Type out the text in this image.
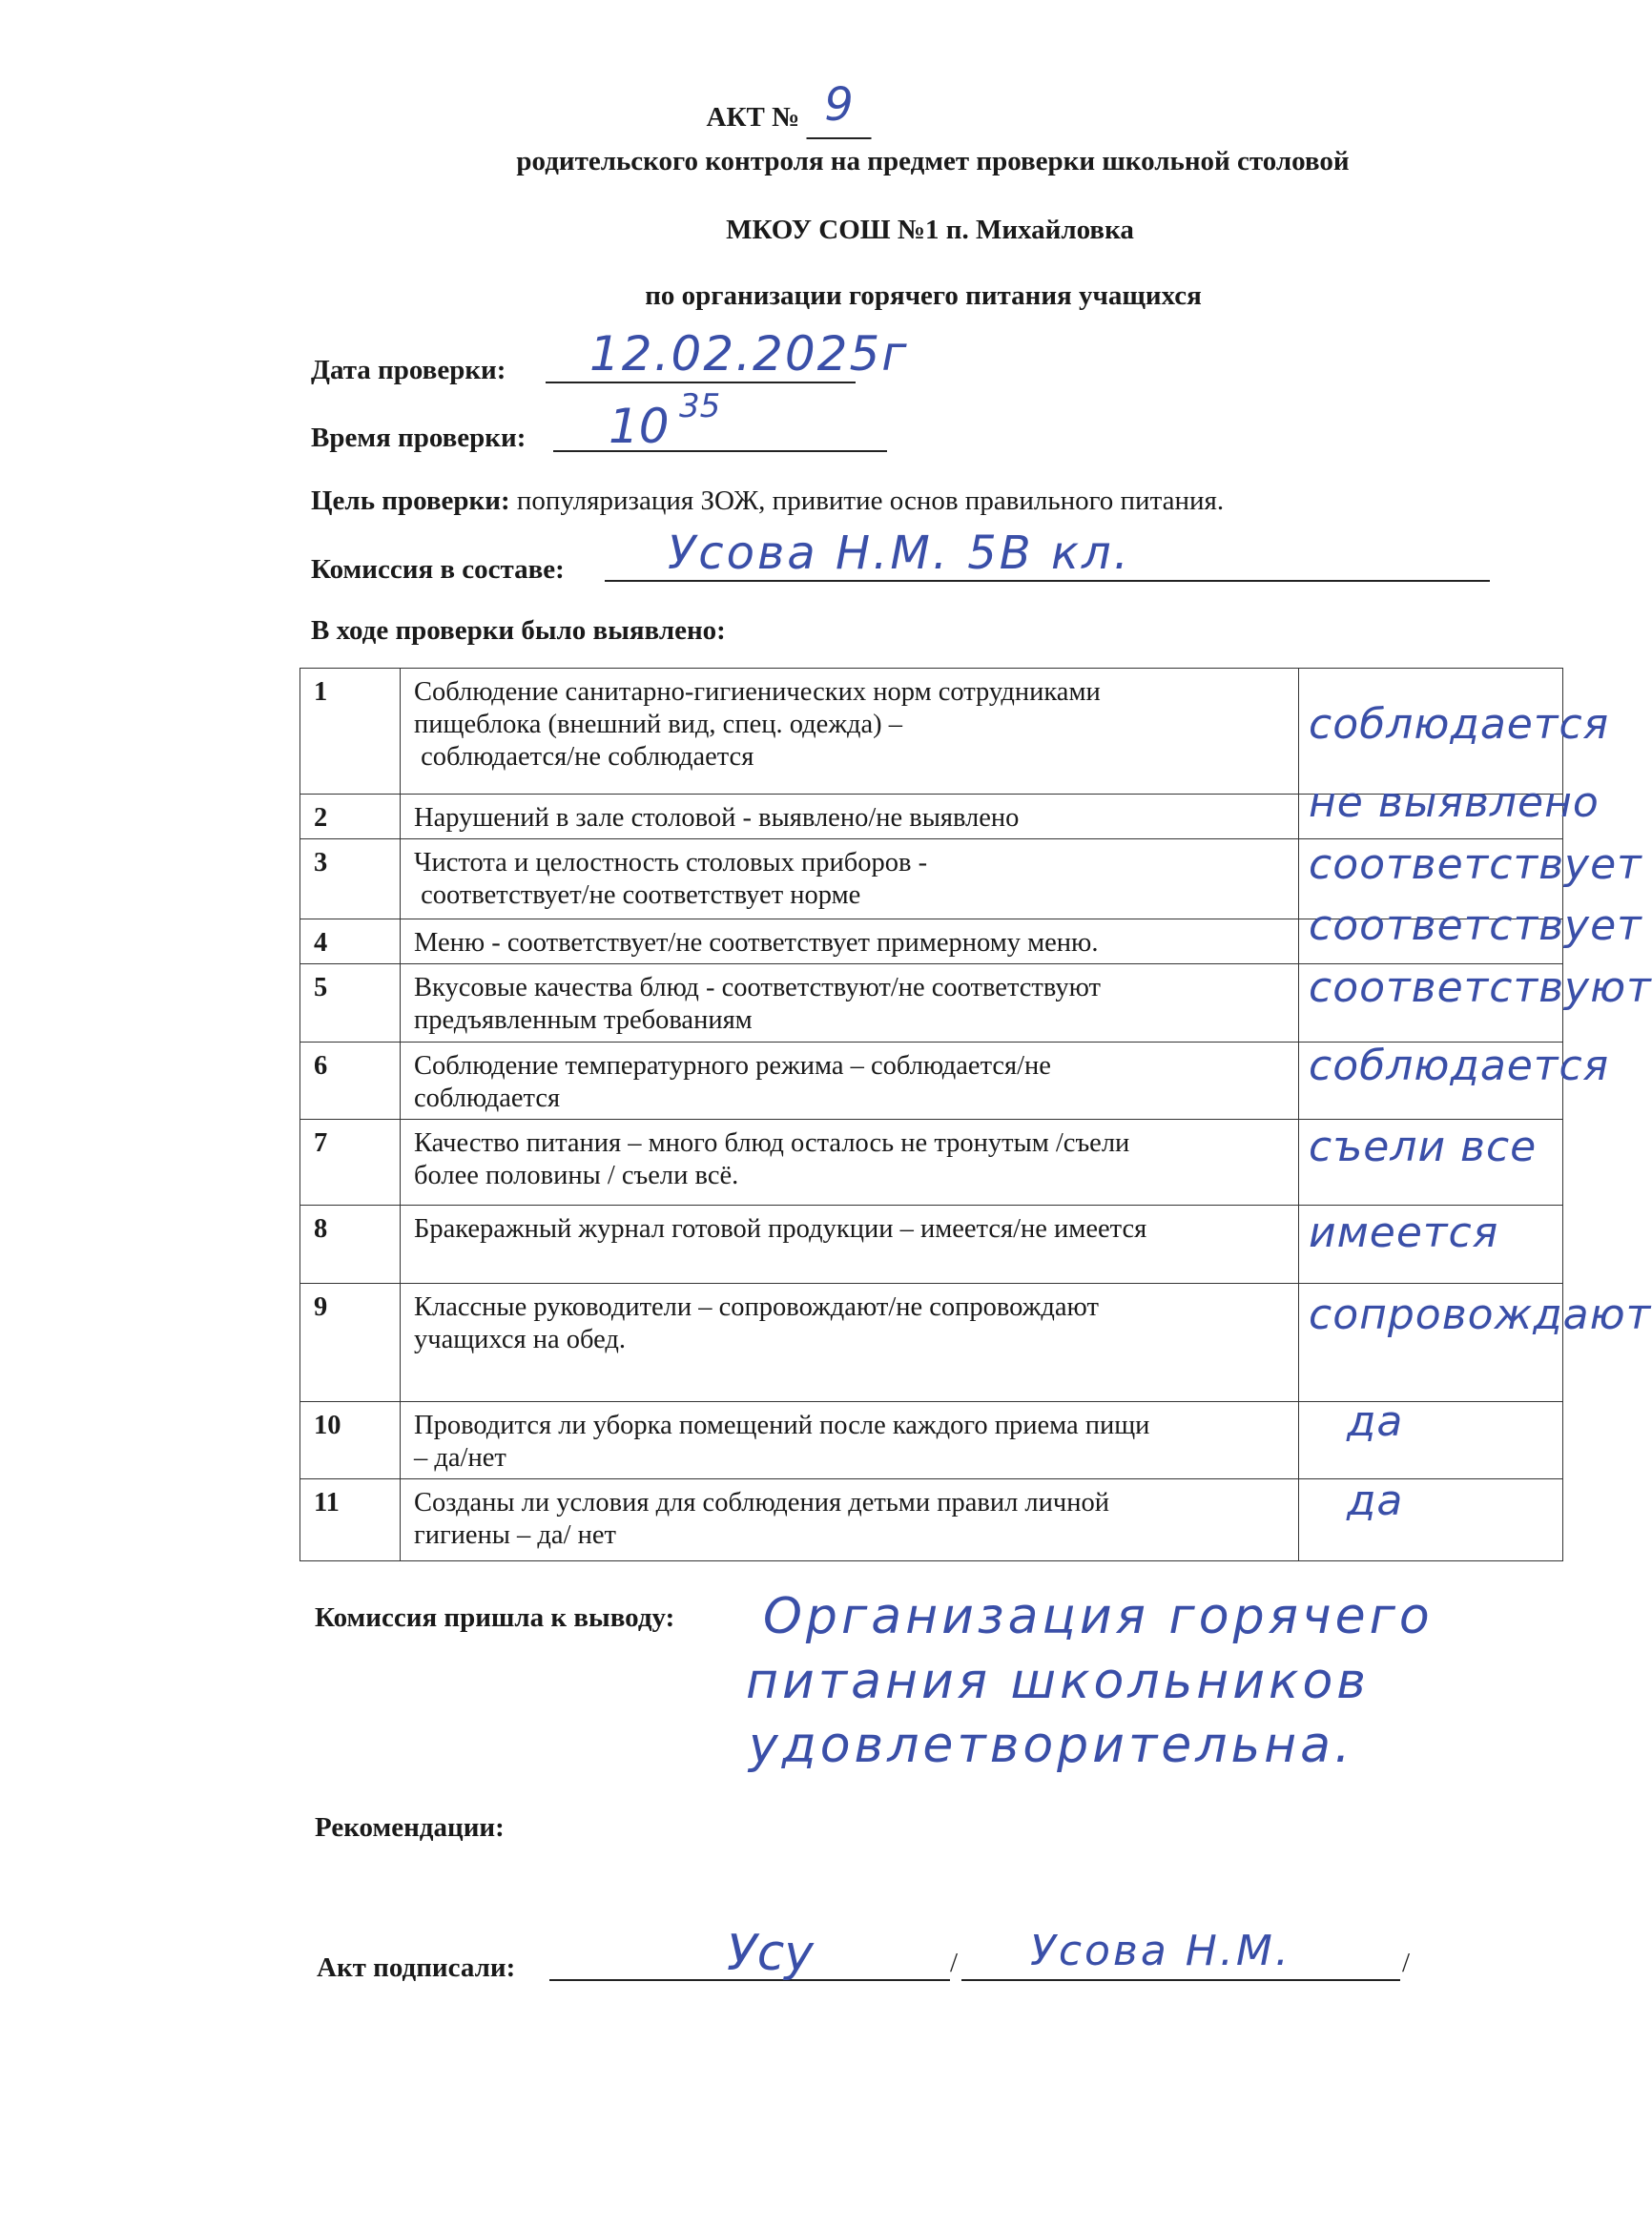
АКТ № 9
родительского контроля на предмет проверки школьной столовой
МКОУ СОШ №1 п. Михайловка
по организации горячего питания учащихся
Дата проверки: 12.02.2025г
Время проверки: 10 35
Цель проверки: популяризация ЗОЖ, привитие основ правильного питания.
Комиссия в составе: Усова Н.М. 5В кл.
В ходе проверки было выявлено:
1	Соблюдение санитарно-гигиенических норм сотрудниками
пищеблока (внешний вид, спец. одежда) –
соблюдается/не соблюдается	соблюдается

2	Нарушений в зале столовой - выявлено/не выявлено	не выявлено

3	Чистота и целостность столовых приборов -
соответствует/не соответствует норме	соответствует

4	Меню - соответствует/не соответствует примерному меню.	соответствует

5	Вкусовые качества блюд - соответствуют/не соответствуют
предъявленным требованиям	соответствуют

6	Соблюдение температурного режима – соблюдается/не
соблюдается	соблюдается

7	Качество питания – много блюд осталось не тронутым /съели
более половины / съели всё.	съели все

8	Бракеражный журнал готовой продукции – имеется/не имеется	имеется

9	Классные руководители – сопровождают/не сопровождают
учащихся на обед.	сопровождают

10	Проводится ли уборка помещений после каждого приема пищи
– да/нет	да

11	Созданы ли условия для соблюдения детьми правил личной
гигиены – да/ нет	да
Комиссия пришла к выводу: Организация горячего
питания школьников
удовлетворительна.
Рекомендации:
Акт подписали:	Усу	/ Усова Н.М.	/
